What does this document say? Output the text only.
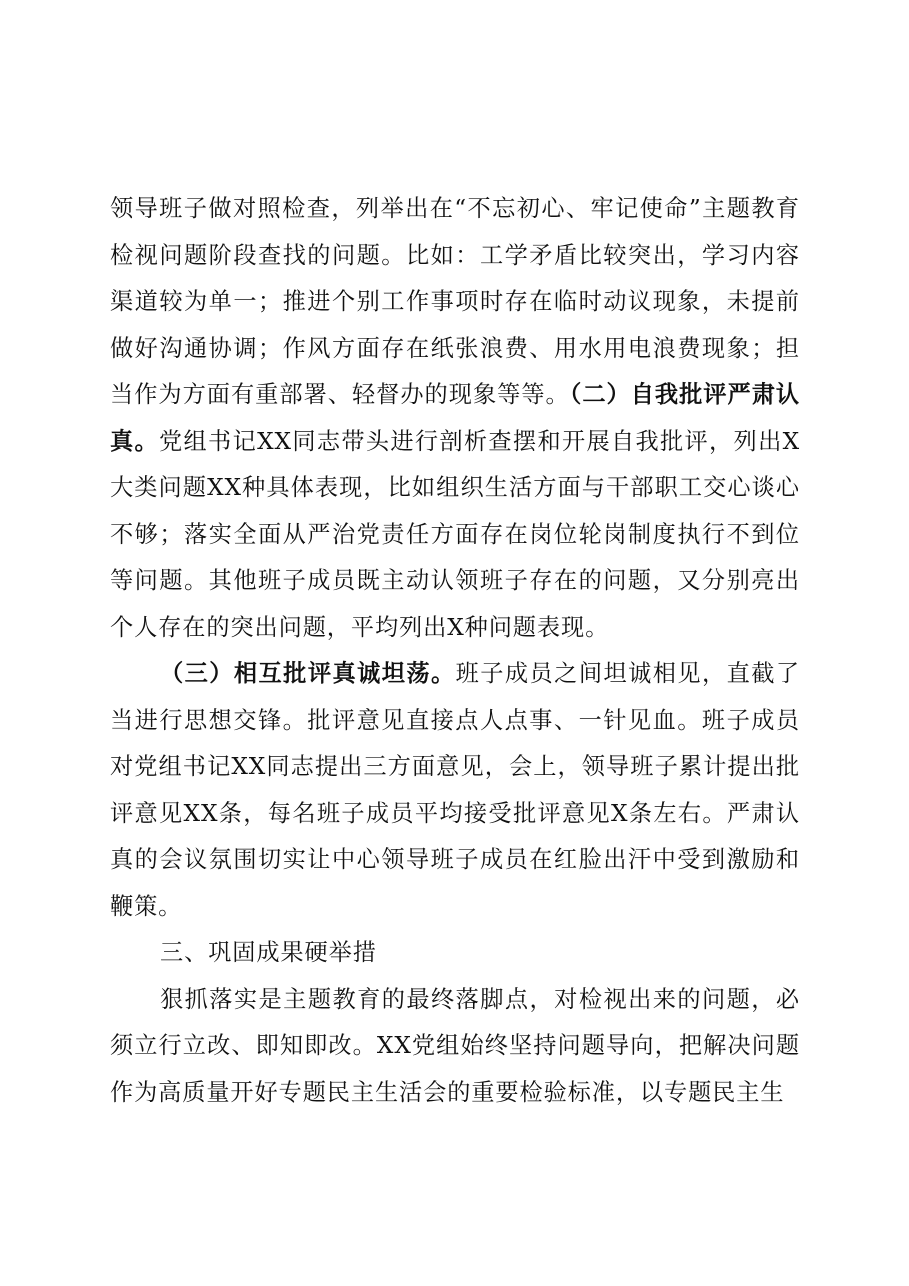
领导班子做对照检查，列举出在“不忘初心、牢记使命”主题教育检视问题阶段查找的问题。比如：工学矛盾比较突出，学习内容渠道较为单一；推进个别工作事项时存在临时动议现象，未提前做好沟通协调；作风方面存在纸张浪费、用水用电浪费现象；担当作为方面有重部署、轻督办的现象等等。（二）自我批评严肃认真。党组书记XX同志带头进行剖析查摆和开展自我批评，列出X大类问题XX种具体表现，比如组织生活方面与干部职工交心谈心不够；落实全面从严治党责任方面存在岗位轮岗制度执行不到位等问题。其他班子成员既主动认领班子存在的问题，又分别亮出个人存在的突出问题，平均列出X种问题表现。

（三）相互批评真诚坦荡。班子成员之间坦诚相见，直截了当进行思想交锋。批评意见直接点人点事、一针见血。班子成员对党组书记XX同志提出三方面意见，会上，领导班子累计提出批评意见XX条，每名班子成员平均接受批评意见X条左右。严肃认真的会议氛围切实让中心领导班子成员在红脸出汗中受到激励和鞭策。

三、巩固成果硬举措

狠抓落实是主题教育的最终落脚点，对检视出来的问题，必须立行立改、即知即改。XX党组始终坚持问题导向，把解决问题作为高质量开好专题民主生活会的重要检验标准，以专题民主生
